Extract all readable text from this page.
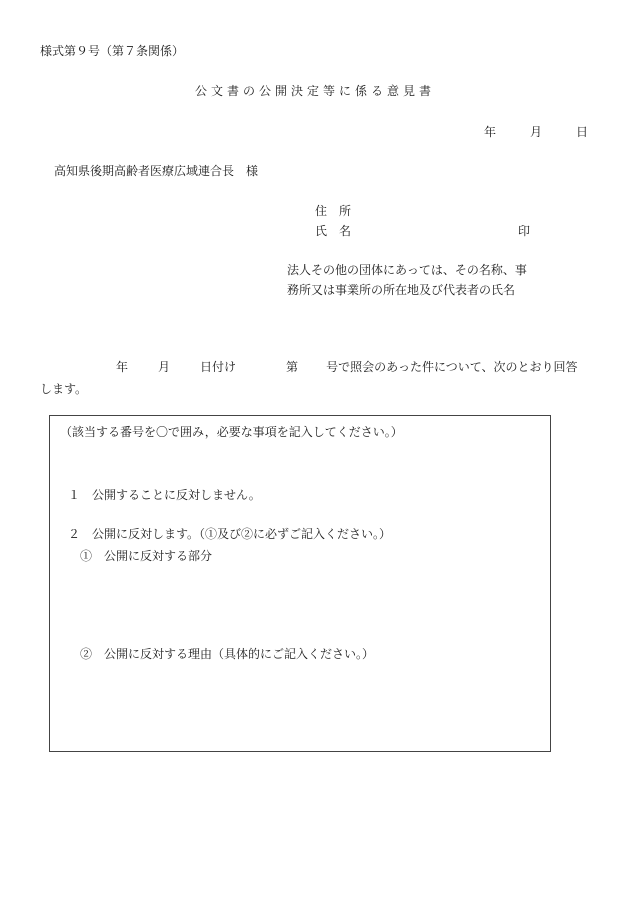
様式第９号（第７条関係）
公文書の公開決定等に係る意見書
年	月	日
高知県後期高齢者医療広域連合長　様
住　所
氏　名	印
法人その他の団体にあっては、その名称、事
務所又は事業所の所在地及び代表者の氏名
年	月	日付け	第 号で照会のあった件について、次のとおり回答
します。
（該当する番号を〇で囲み，必要な事項を記入してください。）
１　公開することに反対しません。
２　公開に反対します。（①及び②に必ずご記入ください。）
①　公開に反対する部分
②　公開に反対する理由（具体的にご記入ください。）
